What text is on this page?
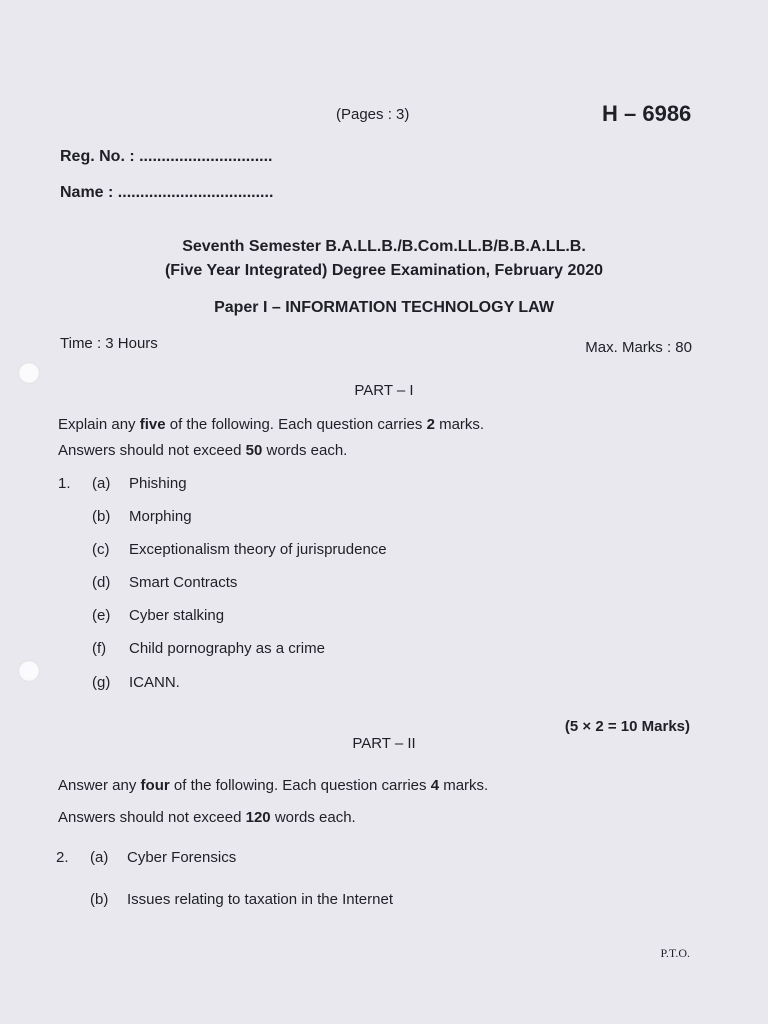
(Pages : 3)	H – 6986
Reg. No. : ..............................
Name : ...................................
Seventh Semester B.A.LL.B./B.Com.LL.B/B.B.A.LL.B.
(Five Year Integrated) Degree Examination, February 2020
Paper I – INFORMATION TECHNOLOGY LAW
Time : 3 Hours	Max. Marks : 80
PART – I
Explain any five of the following. Each question carries 2 marks.
Answers should not exceed 50 words each.
1. (a) Phishing
(b) Morphing
(c) Exceptionalism theory of jurisprudence
(d) Smart Contracts
(e) Cyber stalking
(f) Child pornography as a crime
(g) ICANN.
(5 × 2 = 10 Marks)
PART – II
Answer any four of the following. Each question carries 4 marks.
Answers should not exceed 120 words each.
2. (a) Cyber Forensics
(b) Issues relating to taxation in the Internet
P.T.O.
